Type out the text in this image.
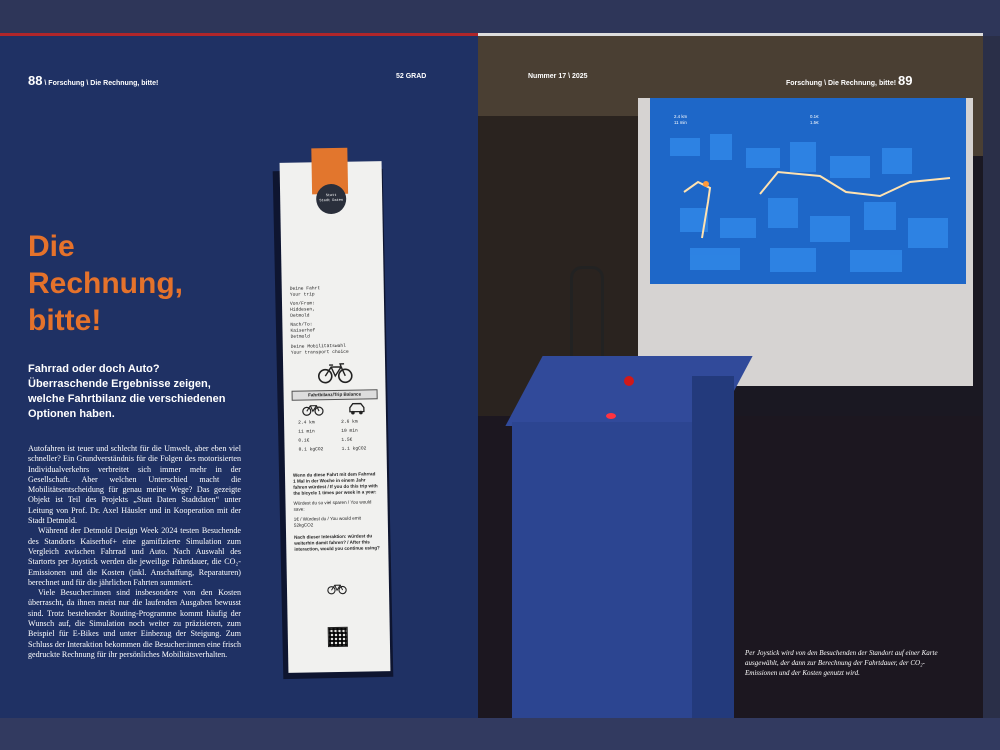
88 \ Forschung \ Die Rechnung, bitte!
52 GRAD
Die
Rechnung,
bitte!
Fahrrad oder doch Auto? Überraschende Ergebnisse zeigen, welche Fahrtbilanz die verschiedenen Optionen haben.

Autofahren ist teuer und schlecht für die Umwelt, aber eben viel schneller? Ein Grundverständnis für die Folgen des motorisierten Individualverkehrs verbreitet sich immer mehr in der Gesellschaft. Aber welchen Unterschied macht die Mobilitätsentscheidung für genau meine Wege? Das gezeigte Objekt ist Teil des Projekts „Statt Daten Stadtdaten“ unter Leitung von Prof. Dr. Axel Häusler und in Kooperation mit der Stadt Detmold.

Während der Detmold Design Week 2024 testen Besuchende des Standorts Kaiserhof+ eine gamifizierte Simulation zum Vergleich zwischen Fahrrad und Auto. Nach Auswahl des Startorts per Joystick werden die jeweilige Fahrtdauer, die CO₂-Emissionen und die Kosten (inkl. Anschaffung, Reparaturen) berechnet und für die jährlichen Fahrten summiert.

Viele Besucher:innen sind insbesondere von den Kosten überrascht, da ihnen meist nur die laufenden Ausgaben bewusst sind. Trotz bestehender Routing-Programme kommt häufig der Wunsch auf, die Simulation noch weiter zu präzisieren, zum Beispiel für E-Bikes und unter Einbezug der Steigung. Zum Schluss der Interaktion bekommen die Besucher:innen eine frisch gedruckte Rechnung für ihr persönliches Mobilitätsverhalten.

Statt
Stadt Daten
Deine Fahrt
Your trip
Von/From:
Hiddesen,
Detmold
Nach/To:
Kaiserhof
Detmold
Deine Mobilitätswahl
Your transport choice
Fahrtbilanz/Trip Balance
2.4 km	2.6 km
11 min	10 min
0.1€	1.5€
0.1 kgCO2	1.1 kgCO2
Wenn du diese Fahrt mit dem Fahrrad 1 Mal in der Woche in einem Jahr fahren würdest / If you do this trip with the bicycle 1 times per week in a year:
Würdest du so viel sparen / You would save:
1€ / Würdest du / You would emit 52kgCO2
Nach dieser Interaktion: würdest du weiterhin damit fahren? / After this interaction, would you continue using?
2.4 km
11 min
0.1€
1.5€
Nummer 17 \ 2025
Forschung \ Die Rechnung, bitte! 89
Per Joystick wird von den Besuchenden der Standort auf einer Karte ausgewählt, der dann zur Berechnung der Fahrtdauer, der CO₂-Emissionen und der Kosten genutzt wird.
